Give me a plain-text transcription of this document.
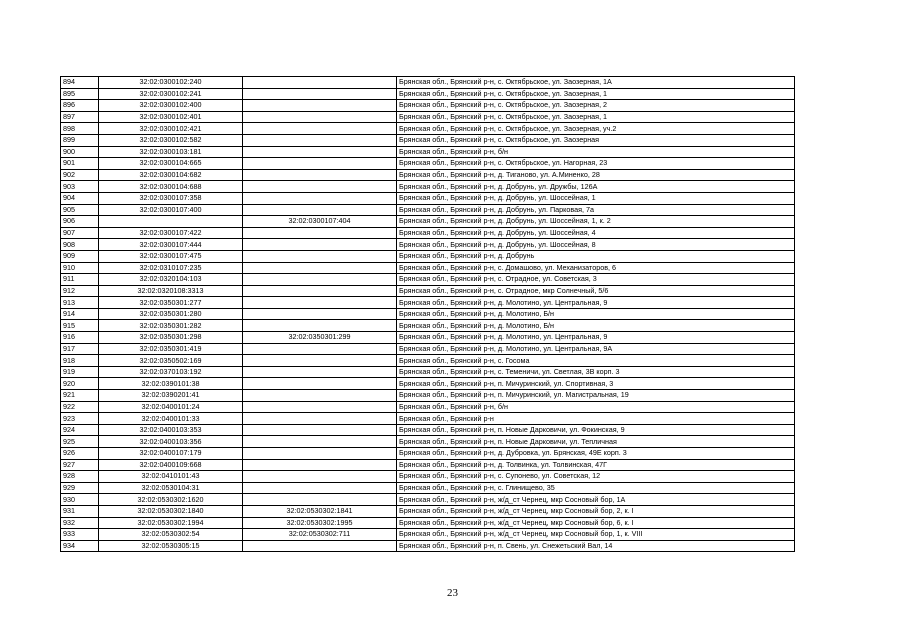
894	32:02:0300102:240		Брянская обл., Брянский р-н, с. Октябрьское, ул. Заозерная, 1А
895	32:02:0300102:241		Брянская обл., Брянский р-н, с. Октябрьское, ул. Заозерная, 1
896	32:02:0300102:400		Брянская обл., Брянский р-н, с. Октябрьское, ул. Заозерная, 2
897	32:02:0300102:401		Брянская обл., Брянский р-н, с. Октябрьское, ул. Заозерная, 1
898	32:02:0300102:421		Брянская обл., Брянский р-н, с. Октябрьское, ул. Заозерная, уч.2
899	32:02:0300102:582		Брянская обл., Брянский р-н, с. Октябрьское, ул. Заозерная
900	32:02:0300103:181		Брянская обл., Брянский р-н, б/н
901	32:02:0300104:665		Брянская обл., Брянский р-н, с. Октябрьское, ул. Нагорная, 23
902	32:02:0300104:682		Брянская обл., Брянский р-н, д. Тиганово, ул. А.Миненко, 28
903	32:02:0300104:688		Брянская обл., Брянский р-н, д. Добрунь, ул. Дружбы, 126А
904	32:02:0300107:358		Брянская обл., Брянский р-н, д. Добрунь, ул. Шоссейная, 1
905	32:02:0300107:400		Брянская обл., Брянский р-н, д. Добрунь, ул. Парковая, 7а
906		32:02:0300107:404	Брянская обл., Брянский р-н, д. Добрунь, ул. Шоссейная, 1, к. 2
907	32:02:0300107:422		Брянская обл., Брянский р-н, д. Добрунь, ул. Шоссейная, 4
908	32:02:0300107:444		Брянская обл., Брянский р-н, д. Добрунь, ул. Шоссейная, 8
909	32:02:0300107:475		Брянская обл., Брянский р-н, д. Добрунь
910	32:02:0310107:235		Брянская обл., Брянский р-н, с. Домашово, ул. Механизаторов, 6
911	32:02:0320104:103		Брянская обл., Брянский р-н, с. Отрадное, ул. Советская, 3
912	32:02:0320108:3313		Брянская обл., Брянский р-н, с. Отрадное, мкр Солнечный, 5/6
913	32:02:0350301:277		Брянская обл., Брянский р-н, д. Молотино, ул. Центральная, 9
914	32:02:0350301:280		Брянская обл., Брянский р-н, д. Молотино, Б/н
915	32:02:0350301:282		Брянская обл., Брянский р-н, д. Молотино, Б/н
916	32:02:0350301:298	32:02:0350301:299	Брянская обл., Брянский р-н, д. Молотино, ул. Центральная, 9
917	32:02:0350301:419		Брянская обл., Брянский р-н, д. Молотино, ул. Центральная, 9А
918	32:02:0350502:169		Брянская обл., Брянский р-н, с. Госома
919	32:02:0370103:192		Брянская обл., Брянский р-н, с. Теменичи, ул. Светлая, 3В корп. 3
920	32:02:0390101:38		Брянская обл., Брянский р-н, п. Мичуринский, ул. Спортивная, 3
921	32:02:0390201:41		Брянская обл., Брянский р-н, п. Мичуринский, ул. Магистральная, 19
922	32:02:0400101:24		Брянская обл., Брянский р-н, б/н
923	32:02:0400101:33		Брянская обл., Брянский р-н
924	32:02:0400103:353		Брянская обл., Брянский р-н, п. Новые Дарковичи, ул. Фокинская, 9
925	32:02:0400103:356		Брянская обл., Брянский р-н, п. Новые Дарковичи, ул. Тепличная
926	32:02:0400107:179		Брянская обл., Брянский р-н, д. Дубровка, ул. Брянская, 49Е корп. 3
927	32:02:0400109:668		Брянская обл., Брянский р-н, д. Толвинка, ул. Толвинская, 47Г
928	32:02:0410101:43		Брянская обл., Брянский р-н, с. Супонево, ул. Советская, 12
929	32:02:0530104:31		Брянская обл., Брянский р-н, с. Глинищево, 35
930	32:02:0530302:1620		Брянская обл., Брянский р-н, ж/д_ст Чернец, мкр Сосновый бор, 1А
931	32:02:0530302:1840	32:02:0530302:1841	Брянская обл., Брянский р-н, ж/д_ст Чернец, мкр Сосновый бор, 2, к. I
932	32:02:0530302:1994	32:02:0530302:1995	Брянская обл., Брянский р-н, ж/д_ст Чернец, мкр Сосновый бор, 6, к. I
933	32:02:0530302:54	32:02:0530302:711	Брянская обл., Брянский р-н, ж/д_ст Чернец, мкр Сосновый бор, 1, к. VIII
934	32:02:0530305:15		Брянская обл., Брянский р-н, п. Свень, ул. Снежетьский Вал, 14
23
